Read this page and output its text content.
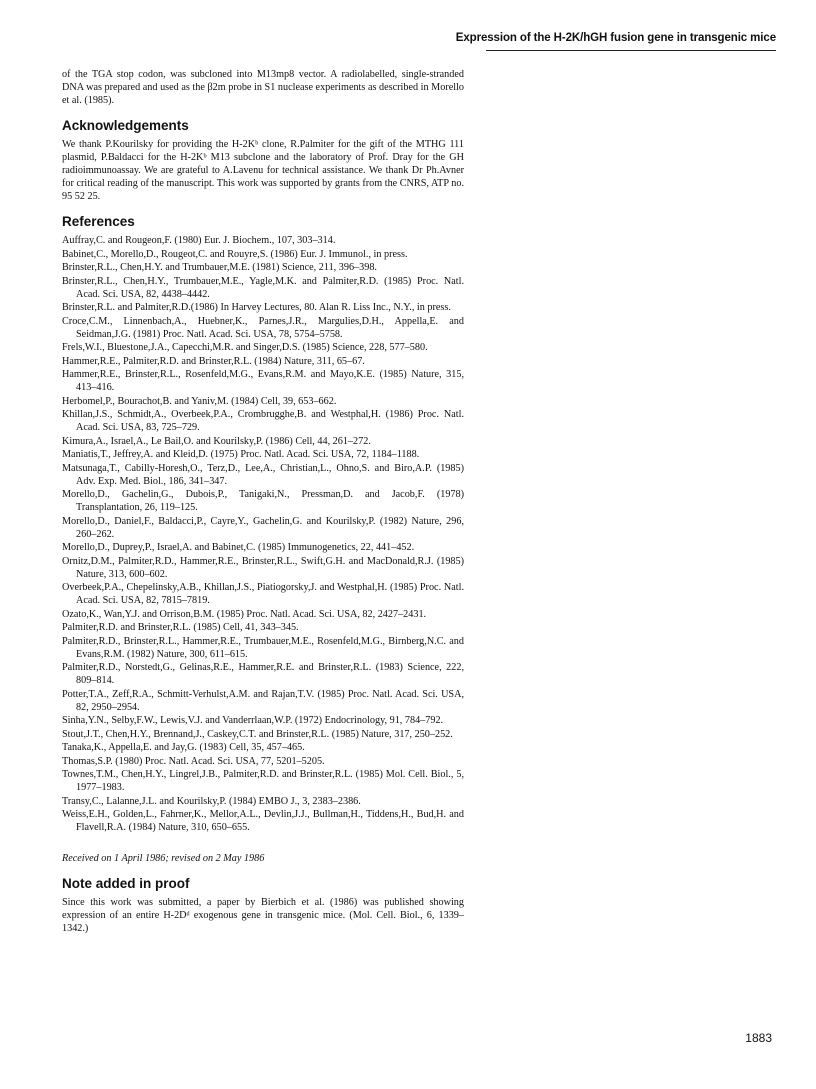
Expression of the H-2K/hGH fusion gene in transgenic mice

of the TGA stop codon, was subcloned into M13mp8 vector. A radiolabelled, single-stranded DNA was prepared and used as the β2m probe in S1 nuclease experiments as described in Morello et al. (1985).

Acknowledgements

We thank P.Kourilsky for providing the H-2Kᵇ clone, R.Palmiter for the gift of the MTHG 111 plasmid, P.Baldacci for the H-2Kᵇ M13 subclone and the laboratory of Prof. Dray for the GH radioimmunoassay. We are grateful to A.Lavenu for technical assistance. We thank Dr Ph.Avner for critical reading of the manuscript. This work was supported by grants from the CNRS, ATP no. 95 52 25.

References
Auffray,C. and Rougeon,F. (1980) Eur. J. Biochem., 107, 303–314.
Babinet,C., Morello,D., Rougeot,C. and Rouyre,S. (1986) Eur. J. Immunol., in press.
Brinster,R.L., Chen,H.Y. and Trumbauer,M.E. (1981) Science, 211, 396–398.
Brinster,R.L., Chen,H.Y., Trumbauer,M.E., Yagle,M.K. and Palmiter,R.D. (1985) Proc. Natl. Acad. Sci. USA, 82, 4438–4442.
Brinster,R.L. and Palmiter,R.D.(1986) In Harvey Lectures, 80. Alan R. Liss Inc., N.Y., in press.
Croce,C.M., Linnenbach,A., Huebner,K., Parnes,J.R., Margulies,D.H., Appella,E. and Seidman,J.G. (1981) Proc. Natl. Acad. Sci. USA, 78, 5754–5758.
Frels,W.I., Bluestone,J.A., Capecchi,M.R. and Singer,D.S. (1985) Science, 228, 577–580.
Hammer,R.E., Palmiter,R.D. and Brinster,R.L. (1984) Nature, 311, 65–67.
Hammer,R.E., Brinster,R.L., Rosenfeld,M.G., Evans,R.M. and Mayo,K.E. (1985) Nature, 315, 413–416.
Herbomel,P., Bourachot,B. and Yaniv,M. (1984) Cell, 39, 653–662.
Khillan,J.S., Schmidt,A., Overbeek,P.A., Crombrugghe,B. and Westphal,H. (1986) Proc. Natl. Acad. Sci. USA, 83, 725–729.
Kimura,A., Israel,A., Le Bail,O. and Kourilsky,P. (1986) Cell, 44, 261–272.
Maniatis,T., Jeffrey,A. and Kleid,D. (1975) Proc. Natl. Acad. Sci. USA, 72, 1184–1188.
Matsunaga,T., Cabilly-Horesh,O., Terz,D., Lee,A., Christian,L., Ohno,S. and Biro,A.P. (1985) Adv. Exp. Med. Biol., 186, 341–347.
Morello,D., Gachelin,G., Dubois,P., Tanigaki,N., Pressman,D. and Jacob,F. (1978) Transplantation, 26, 119–125.
Morello,D., Daniel,F., Baldacci,P., Cayre,Y., Gachelin,G. and Kourilsky,P. (1982) Nature, 296, 260–262.
Morello,D., Duprey,P., Israel,A. and Babinet,C. (1985) Immunogenetics, 22, 441–452.
Ornitz,D.M., Palmiter,R.D., Hammer,R.E., Brinster,R.L., Swift,G.H. and MacDonald,R.J. (1985) Nature, 313, 600–602.
Overbeek,P.A., Chepelinsky,A.B., Khillan,J.S., Piatiogorsky,J. and Westphal,H. (1985) Proc. Natl. Acad. Sci. USA, 82, 7815–7819.
Ozato,K., Wan,Y.J. and Orrison,B.M. (1985) Proc. Natl. Acad. Sci. USA, 82, 2427–2431.
Palmiter,R.D. and Brinster,R.L. (1985) Cell, 41, 343–345.
Palmiter,R.D., Brinster,R.L., Hammer,R.E., Trumbauer,M.E., Rosenfeld,M.G., Birnberg,N.C. and Evans,R.M. (1982) Nature, 300, 611–615.
Palmiter,R.D., Norstedt,G., Gelinas,R.E., Hammer,R.E. and Brinster,R.L. (1983) Science, 222, 809–814.
Potter,T.A., Zeff,R.A., Schmitt-Verhulst,A.M. and Rajan,T.V. (1985) Proc. Natl. Acad. Sci. USA, 82, 2950–2954.
Sinha,Y.N., Selby,F.W., Lewis,V.J. and Vanderrlaan,W.P. (1972) Endocrinology, 91, 784–792.
Stout,J.T., Chen,H.Y., Brennand,J., Caskey,C.T. and Brinster,R.L. (1985) Nature, 317, 250–252.
Tanaka,K., Appella,E. and Jay,G. (1983) Cell, 35, 457–465.
Thomas,S.P. (1980) Proc. Natl. Acad. Sci. USA, 77, 5201–5205.
Townes,T.M., Chen,H.Y., Lingrel,J.B., Palmiter,R.D. and Brinster,R.L. (1985) Mol. Cell. Biol., 5, 1977–1983.
Transy,C., Lalanne,J.L. and Kourilsky,P. (1984) EMBO J., 3, 2383–2386.
Weiss,E.H., Golden,L., Fahrner,K., Mellor,A.L., Devlin,J.J., Bullman,H., Tiddens,H., Bud,H. and Flavell,R.A. (1984) Nature, 310, 650–655.

Received on 1 April 1986; revised on 2 May 1986

Note added in proof

Since this work was submitted, a paper by Bierbich et al. (1986) was published showing expression of an entire H-2Dᵈ exogenous gene in transgenic mice. (Mol. Cell. Biol., 6, 1339–1342.)

1883
